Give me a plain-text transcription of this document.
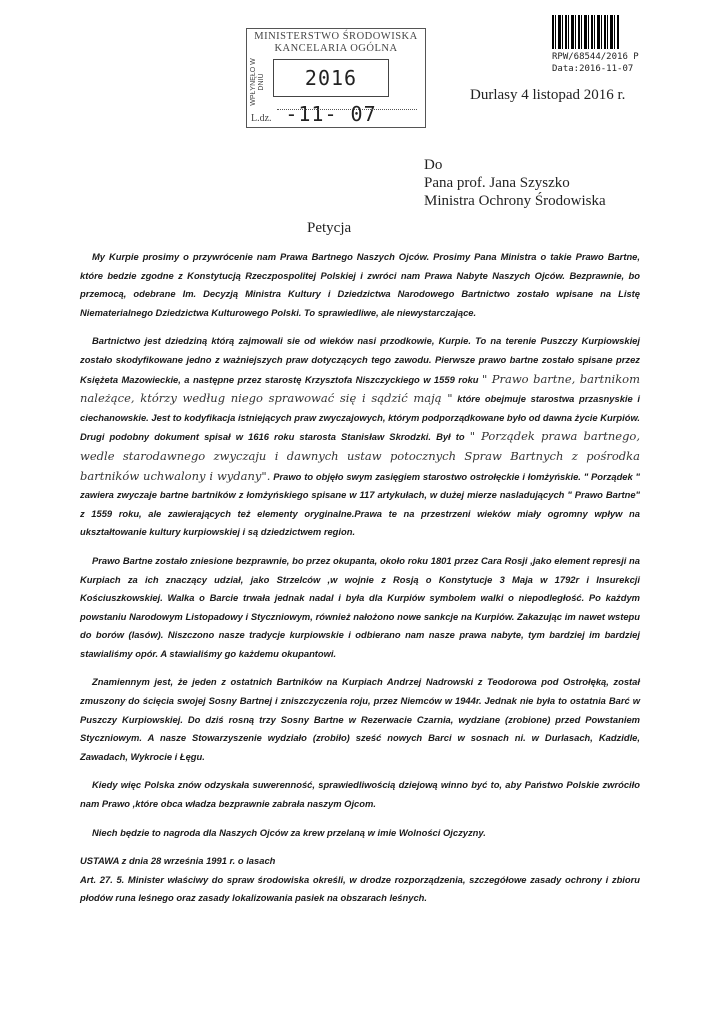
MINISTERSTWO ŚRODOWISKA
KANCELARIA OGÓLNA
WPŁYNĘŁO W DNIU	2016 -11- 07
L.dz.
RPW/68544/2016 P
Data:2016-11-07
Durlasy 4 listopad 2016 r.
Do
Pana prof. Jana Szyszko
Ministra Ochrony Środowiska
Petycja

My Kurpie prosimy o przywrócenie nam Prawa Bartnego Naszych Ojców. Prosimy Pana Ministra o takie Prawo Bartne, które bedzie zgodne z Konstytucją Rzeczpospolitej Polskiej i zwróci nam Prawa Nabyte Naszych Ojców. Bezprawnie, bo przemocą, odebrane Im. Decyzją Ministra Kultury i Dziedzictwa Narodowego Bartnictwo zostało wpisane na Listę Niematerialnego Dziedzictwa Kulturowego Polski. To sprawiedliwe, ale niewystarczające.

Bartnictwo jest dziedziną którą zajmowali sie od wieków nasi przodkowie, Kurpie. To na terenie Puszczy Kurpiowskiej zostało skodyfikowane jedno z ważniejszych praw dotyczących tego zawodu. Pierwsze prawo bartne zostało spisane przez Księżeta Mazowieckie, a następne przez starostę Krzysztofa Niszczyckiego w 1559 roku " Prawo bartne, bartnikom należące, którzy według niego sprawować się i sądzić mają " które obejmuje starostwa przasnyskie i ciechanowskie. Jest to kodyfikacja istniejących praw zwyczajowych, którym podporządkowane było od dawna życie Kurpiów. Drugi podobny dokument spisał w 1616 roku starosta Stanisław Skrodzki. Był to " Porządek prawa bartnego, wedle starodawnego zwyczaju i dawnych ustaw potocznych Spraw Bartnych z pośrodka bartników uchwalony i wydany". Prawo to objęło swym zasięgiem starostwo ostrołęckie i łomżyńskie. " Porządek " zawiera zwyczaje bartne bartników z łomżyńskiego spisane w 117 artykułach, w dużej mierze nasladujących " Prawo Bartne" z 1559 roku, ale zawierających też elementy oryginalne.Prawa te na przestrzeni wieków miały ogromny wpływ na ukształtowanie kultury kurpiowskiej i są dziedzictwem region.

Prawo Bartne zostało zniesione bezprawnie, bo przez okupanta, około roku 1801 przez Cara Rosji ,jako element represji na Kurpiach za ich znaczący udział, jako Strzelców ,w wojnie z Rosją o Konstytucje 3 Maja w 1792r i Insurekcji Kościuszkowskiej. Walka o Barcie trwała jednak nadal i była dla Kurpiów symbolem walki o niepodległość. Po każdym powstaniu Narodowym Listopadowy i Styczniowym, również nałożono nowe sankcje na Kurpiów. Zakazując im nawet wstepu do borów (lasów). Niszczono nasze tradycje kurpiowskie i odbierano nam nasze prawa nabyte, tym bardziej im bardziej stawialiśmy opór. A stawialiśmy go każdemu okupantowi.

Znamiennym jest, że jeden z ostatnich Bartników na Kurpiach Andrzej Nadrowski z Teodorowa pod Ostrołęką, został zmuszony do ścięcia swojej Sosny Bartnej i zniszczyczenia roju, przez Niemców w 1944r. Jednak nie była to ostatnia Barć w Puszczy Kurpiowskiej. Do dziś rosną trzy Sosny Bartne w Rezerwacie Czarnia, wydziane (zrobione) przed Powstaniem Styczniowym. A nasze Stowarzyszenie wydziało (zrobiło) sześć nowych Barci w sosnach ni. w Durlasach, Kadzidle, Zawadach, Wykrocie i Łęgu.

Kiedy więc Polska znów odzyskała suwerenność, sprawiedliwością dziejową winno być to, aby Państwo Polskie zwróciło nam Prawo ,które obca władza bezprawnie zabrała naszym Ojcom.

Niech będzie to nagroda dla Naszych Ojców za krew przelaną w imie Wolności Ojczyzny.

USTAWA z dnia 28 września 1991 r. o lasach

Art. 27. 5. Minister właściwy do spraw środowiska określi, w drodze rozporządzenia, szczegółowe zasady ochrony i zbioru płodów runa leśnego oraz zasady lokalizowania pasiek na obszarach leśnych.
